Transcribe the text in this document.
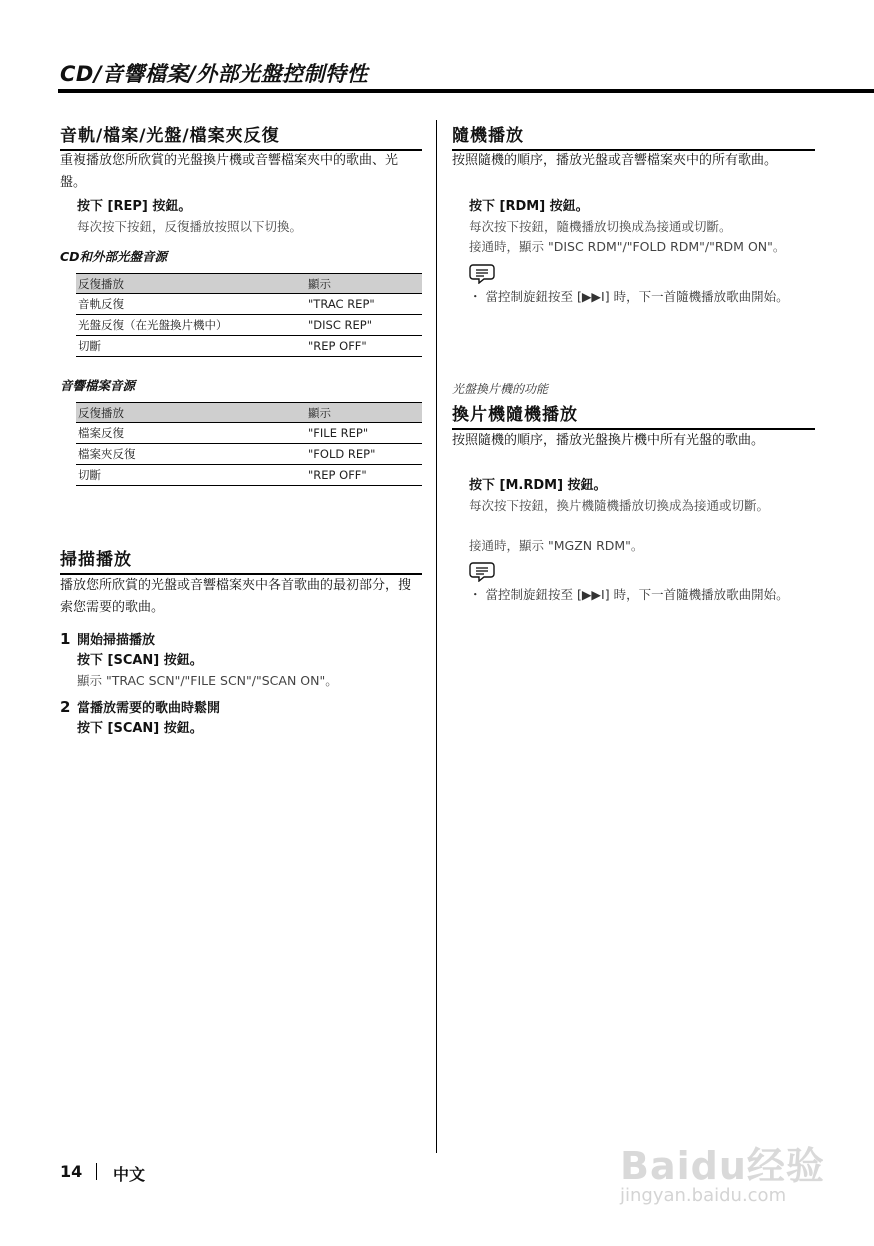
CD/音響檔案/外部光盤控制特性
音軌/檔案/光盤/檔案夾反復
重複播放您所欣賞的光盤換片機或音響檔案夾中的歌曲、光盤。
按下 [REP] 按鈕。
每次按下按鈕，反復播放按照以下切換。
CD和外部光盤音源
反復播放	顯示
音軌反復	"TRAC REP"
光盤反復（在光盤換片機中）	"DISC REP"
切斷	"REP OFF"
音響檔案音源
反復播放	顯示
檔案反復	"FILE REP"
檔案夾反復	"FOLD REP"
切斷	"REP OFF"
掃描播放
播放您所欣賞的光盤或音響檔案夾中各首歌曲的最初部分，搜索您需要的歌曲。
1 開始掃描播放
按下 [SCAN] 按鈕。
顯示 "TRAC SCN"/"FILE SCN"/"SCAN ON"。
2 當播放需要的歌曲時鬆開
按下 [SCAN] 按鈕。
隨機播放
按照隨機的順序，播放光盤或音響檔案夾中的所有歌曲。
按下 [RDM] 按鈕。
每次按下按鈕，隨機播放切換成為接通或切斷。
接通時，顯示 "DISC RDM"/"FOLD RDM"/"RDM ON"。
・ 當控制旋鈕按至 [▶▶I] 時，下一首隨機播放歌曲開始。
光盤換片機的功能
換片機隨機播放
按照隨機的順序，播放光盤換片機中所有光盤的歌曲。
按下 [M.RDM] 按鈕。
每次按下按鈕，換片機隨機播放切換成為接通或切斷。
接通時，顯示 "MGZN RDM"。
・ 當控制旋鈕按至 [▶▶I] 時，下一首隨機播放歌曲開始。
14 中文	Baidu经验
jingyan.baidu.com
